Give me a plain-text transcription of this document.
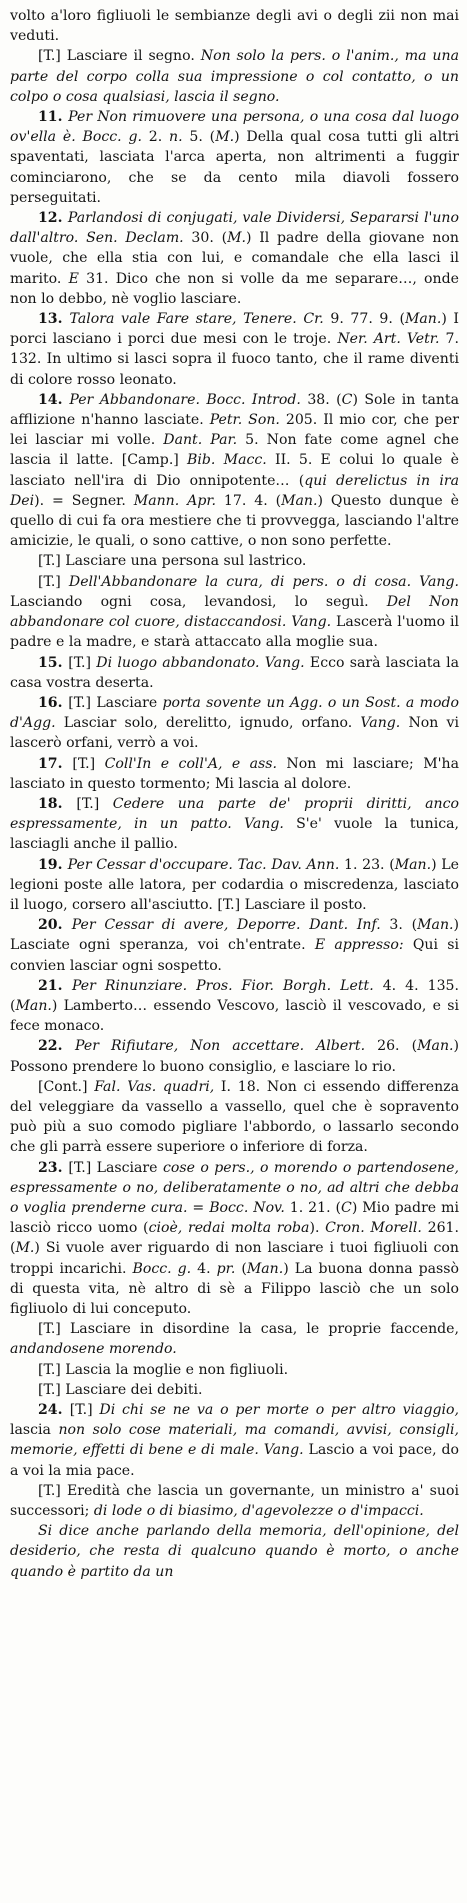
volto a'loro figliuoli le sembianze degli avi o degli zii non mai veduti.
[T.] Lasciare il segno. Non solo la pers. o l'anim., ma una parte del corpo colla sua impressione o col contatto, o un colpo o cosa qualsiasi, lascia il segno.
11. Per Non rimuovere una persona, o una cosa dal luogo ov'ella è. Bocc. g. 2. n. 5. (M.) Della qual cosa tutti gli altri spaventati, lasciata l'arca aperta, non altrimenti a fuggir cominciarono, che se da cento mila diavoli fossero perseguitati.
12. Parlandosi di conjugati, vale Dividersi, Separarsi l'uno dall'altro. Sen. Declam. 30. (M.) Il padre della giovane non vuole, che ella stia con lui, e comandale che ella lasci il marito. E 31. Dico che non si volle da me separare…, onde non lo debbo, nè voglio lasciare.
13. Talora vale Fare stare, Tenere. Cr. 9. 77. 9. (Man.) I porci lasciano i porci due mesi con le troje. Ner. Art. Vetr. 7. 132. In ultimo si lasci sopra il fuoco tanto, che il rame diventi di colore rosso leonato.
14. Per Abbandonare. Bocc. Introd. 38. (C) Sole in tanta afflizione n'hanno lasciate. Petr. Son. 205. Il mio cor, che per lei lasciar mi volle. Dant. Par. 5. Non fate come agnel che lascia il latte. [Camp.] Bib. Macc. II. 5. E colui lo quale è lasciato nell'ira di Dio onnipotente… (qui derelictus in ira Dei). = Segner. Mann. Apr. 17. 4. (Man.) Questo dunque è quello di cui fa ora mestiere che ti provvegga, lasciando l'altre amicizie, le quali, o sono cattive, o non sono perfette.
[T.] Lasciare una persona sul lastrico.
[T.] Dell'Abbandonare la cura, di pers. o di cosa. Vang. Lasciando ogni cosa, levandosi, lo seguì. Del Non abbandonare col cuore, distaccandosi. Vang. Lascerà l'uomo il padre e la madre, e starà attaccato alla moglie sua.
15. [T.] Di luogo abbandonato. Vang. Ecco sarà lasciata la casa vostra deserta.
16. [T.] Lasciare porta sovente un Agg. o un Sost. a modo d'Agg. Lasciar solo, derelitto, ignudo, orfano. Vang. Non vi lascerò orfani, verrò a voi.
17. [T.] Coll'In e coll'A, e ass. Non mi lasciare; M'ha lasciato in questo tormento; Mi lascia al dolore.
18. [T.] Cedere una parte de' proprii diritti, anco espressamente, in un patto. Vang. S'e' vuole la tunica, lasciagli anche il pallio.
19. Per Cessar d'occupare. Tac. Dav. Ann. 1. 23. (Man.) Le legioni poste alle latora, per codardia o miscredenza, lasciato il luogo, corsero all'asciutto. [T.] Lasciare il posto.
20. Per Cessar di avere, Deporre. Dant. Inf. 3. (Man.) Lasciate ogni speranza, voi ch'entrate. E appresso: Qui si convien lasciar ogni sospetto.
21. Per Rinunziare. Pros. Fior. Borgh. Lett. 4. 4. 135. (Man.) Lamberto… essendo Vescovo, lasciò il vescovado, e si fece monaco.
22. Per Rifiutare, Non accettare. Albert. 26. (Man.) Possono prendere lo buono consiglio, e lasciare lo rio.
[Cont.] Fal. Vas. quadri, I. 18. Non ci essendo differenza del veleggiare da vassello a vassello, quel che è sopravento può più a suo comodo pigliare l'abbordo, o lassarlo secondo che gli parrà essere superiore o inferiore di forza.
23. [T.] Lasciare cose o pers., o morendo o partendosene, espressamente o no, deliberatamente o no, ad altri che debba o voglia prenderne cura. = Bocc. Nov. 1. 21. (C) Mio padre mi lasciò ricco uomo (cioè, redai molta roba). Cron. Morell. 261. (M.) Si vuole aver riguardo di non lasciare i tuoi figliuoli con troppi incarichi. Bocc. g. 4. pr. (Man.) La buona donna passò di questa vita, nè altro di sè a Filippo lasciò che un solo figliuolo di lui conceputo.
[T.] Lasciare in disordine la casa, le proprie faccende, andandosene morendo.
[T.] Lascia la moglie e non figliuoli.
[T.] Lasciare dei debiti.
24. [T.] Di chi se ne va o per morte o per altro viaggio, lascia non solo cose materiali, ma comandi, avvisi, consigli, memorie, effetti di bene e di male. Vang. Lascio a voi pace, do a voi la mia pace.
[T.] Eredità che lascia un governante, un ministro a' suoi successori; di lode o di biasimo, d'agevolezze o d'impacci.
Si dice anche parlando della memoria, dell'opinione, del desiderio, che resta di qualcuno quando è morto, o anche quando è partito da un
